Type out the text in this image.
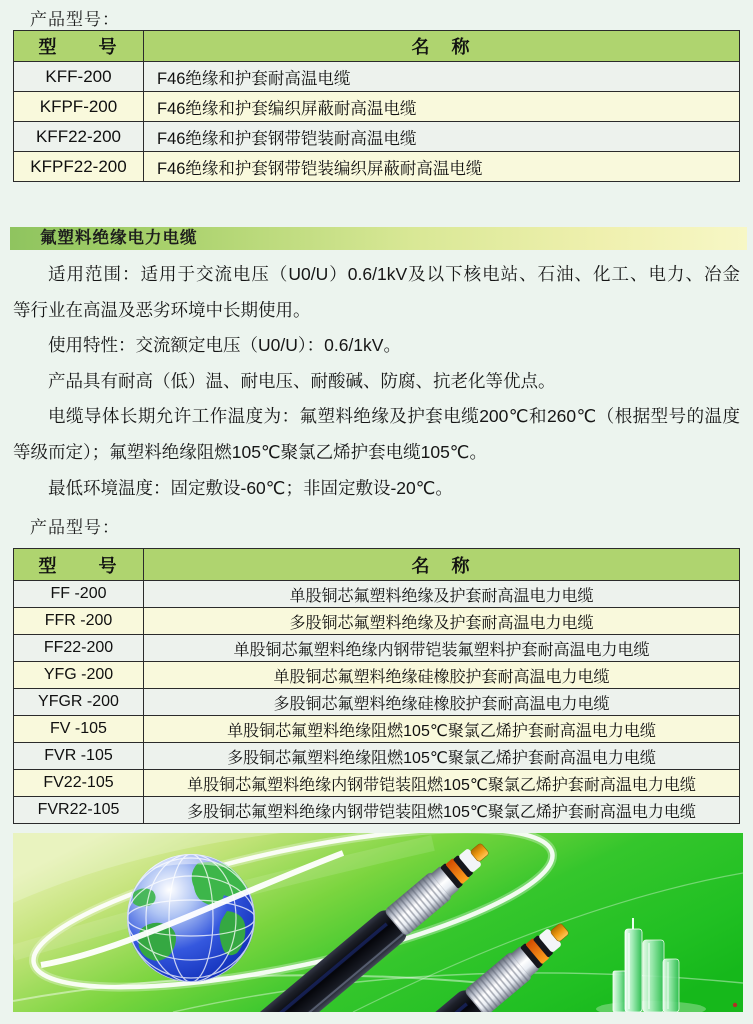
产品型号：
型　　号	名　称
KFF-200	F46绝缘和护套耐高温电缆
KFPF-200	F46绝缘和护套编织屏蔽耐高温电缆
KFF22-200	F46绝缘和护套钢带铠装耐高温电缆
KFPF22-200	F46绝缘和护套钢带铠装编织屏蔽耐高温电缆
氟塑料绝缘电力电缆
适用范围：适用于交流电压（U0/U）0.6/1kV及以下核电站、石油、化工、电力、冶金
等行业在高温及恶劣环境中长期使用。
使用特性：交流额定电压（U0/U）：0.6/1kV。
产品具有耐高（低）温、耐电压、耐酸碱、防腐、抗老化等优点。
电缆导体长期允许工作温度为：氟塑料绝缘及护套电缆200℃和260℃（根据型号的温度
等级而定）；氟塑料绝缘阻燃105℃聚氯乙烯护套电缆105℃。
最低环境温度：固定敷设-60℃；非固定敷设-20℃。
产品型号：
型　　号	名　称
FF -200	单股铜芯氟塑料绝缘及护套耐高温电力电缆
FFR -200	多股铜芯氟塑料绝缘及护套耐高温电力电缆
FF22-200	单股铜芯氟塑料绝缘内钢带铠装氟塑料护套耐高温电力电缆
YFG -200	单股铜芯氟塑料绝缘硅橡胶护套耐高温电力电缆
YFGR -200	多股铜芯氟塑料绝缘硅橡胶护套耐高温电力电缆
FV -105	单股铜芯氟塑料绝缘阻燃105℃聚氯乙烯护套耐高温电力电缆
FVR -105	多股铜芯氟塑料绝缘阻燃105℃聚氯乙烯护套耐高温电力电缆
FV22-105	单股铜芯氟塑料绝缘内钢带铠装阻燃105℃聚氯乙烯护套耐高温电力电缆
FVR22-105	多股铜芯氟塑料绝缘内钢带铠装阻燃105℃聚氯乙烯护套耐高温电力电缆
